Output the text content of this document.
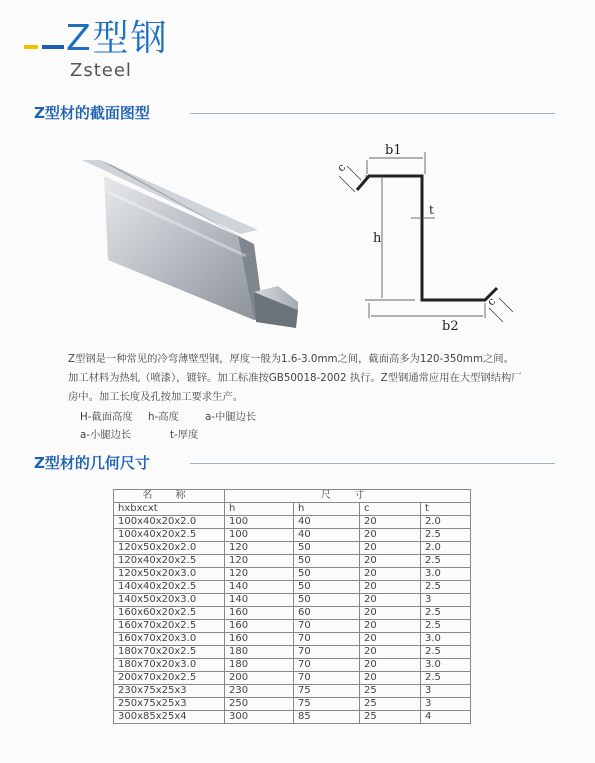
Z型钢
Zsteel
Z型材的截面图型
b1
b2
h
t
c
c
Z型钢是一种常见的冷弯薄壁型钢，厚度一般为1.6-3.0mm之间，截面高多为120-350mm之间。
加工材料为热轧（喷漆），镀锌。加工标准按GB50018-2002 执行。Z型钢通常应用在大型钢结构厂
房中。加工长度及孔按加工要求生产。
H-截面高度 h-高度	a-中腿边长
a-小腿边长	t-厚度
Z型材的几何尺寸
名 称	尺 寸			
hxbxcxt	h	h	c	t
100x40x20x2.0	100	40	20	2.0
100x40x20x2.5	100	40	20	2.5
120x50x20x2.0	120	50	20	2.0
120x40x20x2.5	120	50	20	2.5
120x50x20x3.0	120	50	20	3.0
140x40x20x2.5	140	50	20	2.5
140x50x20x3.0	140	50	20	3
160x60x20x2.5	160	60	20	2.5
160x70x20x2.5	160	70	20	2.5
160x70x20x3.0	160	70	20	3.0
180x70x20x2.5	180	70	20	2.5
180x70x20x3.0	180	70	20	3.0
200x70x20x2.5	200	70	20	2.5
230x75x25x3	230	75	25	3
250x75x25x3	250	75	25	3
300x85x25x4	300	85	25	4
